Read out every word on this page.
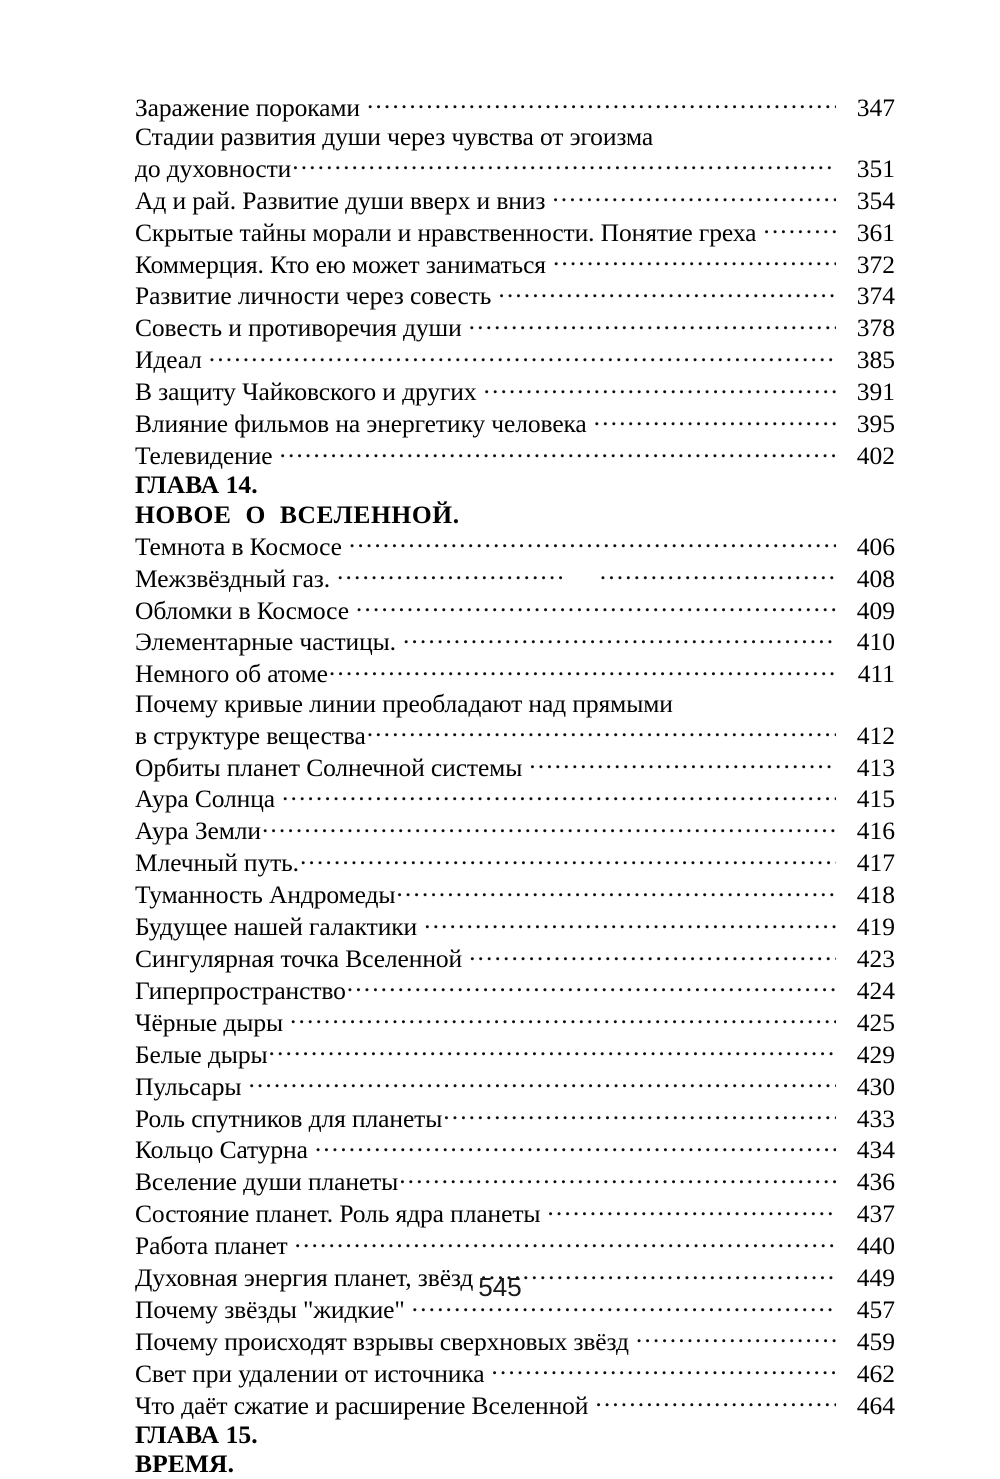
Заражение пороками .....	347
Стадии развития души через чувства от эгоизма
до духовности .....	351
Ад и рай. Развитие души вверх и вниз .....	354
Скрытые тайны морали и нравственности. Понятие греха .....	361
Коммерция. Кто ею может заниматься .....	372
Развитие личности через совесть .....	374
Совесть и противоречия души .....	378
Идеал .....	385
В защиту Чайковского и других .....	391
Влияние фильмов на энергетику человека .....	395
Телевидение .....	402
ГЛАВА 14.
НОВОЕ  О  ВСЕЛЕННОЙ.
Темнота в Космосе .....	406
Межзвёздный газ. .....	408
Обломки в Космосе .....	409
Элементарные частицы. .....	410
Немного об атоме .....	411
Почему кривые линии преобладают над прямыми
в структуре вещества .....	412
Орбиты планет Солнечной системы .....	413
Аура Солнца .....	415
Аура Земли .....	416
Млечный путь. .....	417
Туманность Андромеды .....	418
Будущее нашей галактики .....	419
Сингулярная точка Вселенной .....	423
Гиперпространство .....	424
Чёрные дыры .....	425
Белые дыры .....	429
Пульсары .....	430
Роль спутников для планеты .....	433
Кольцо Сатурна .....	434
Вселение души планеты .....	436
Состояние планет. Роль ядра планеты .....	437
Работа планет .....	440
Духовная энергия планет, звёзд .....	449
Почему звёзды "жидкие" .....	457
Почему происходят взрывы сверхновых звёзд .....	459
Свет при удалении от источника .....	462
Что даёт сжатие и расширение Вселенной .....	464
ГЛАВА 15.
ВРЕМЯ.
545
